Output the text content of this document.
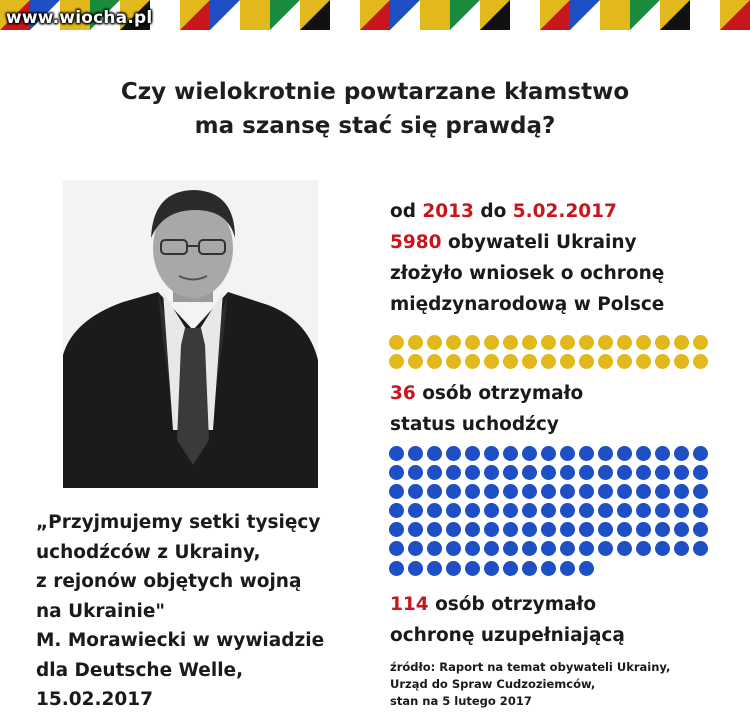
www.wiocha.pl
Czy wielokrotnie powtarzane kłamstwo
ma szansę stać się prawdą?
„Przyjmujemy setki tysięcy
uchodźców z Ukrainy,
z rejonów objętych wojną
na Ukrainie"
M. Morawiecki w wywiadzie
dla Deutsche Welle,
15.02.2017
od 2013 do 5.02.2017
5980 obywateli Ukrainy
złożyło wniosek o ochronę
międzynarodową w Polsce
36 osób otrzymało
status uchodźcy
114 osób otrzymało
ochronę uzupełniającą
źródło: Raport na temat obywateli Ukrainy,
Urząd do Spraw Cudzoziemców,
stan na 5 lutego 2017
